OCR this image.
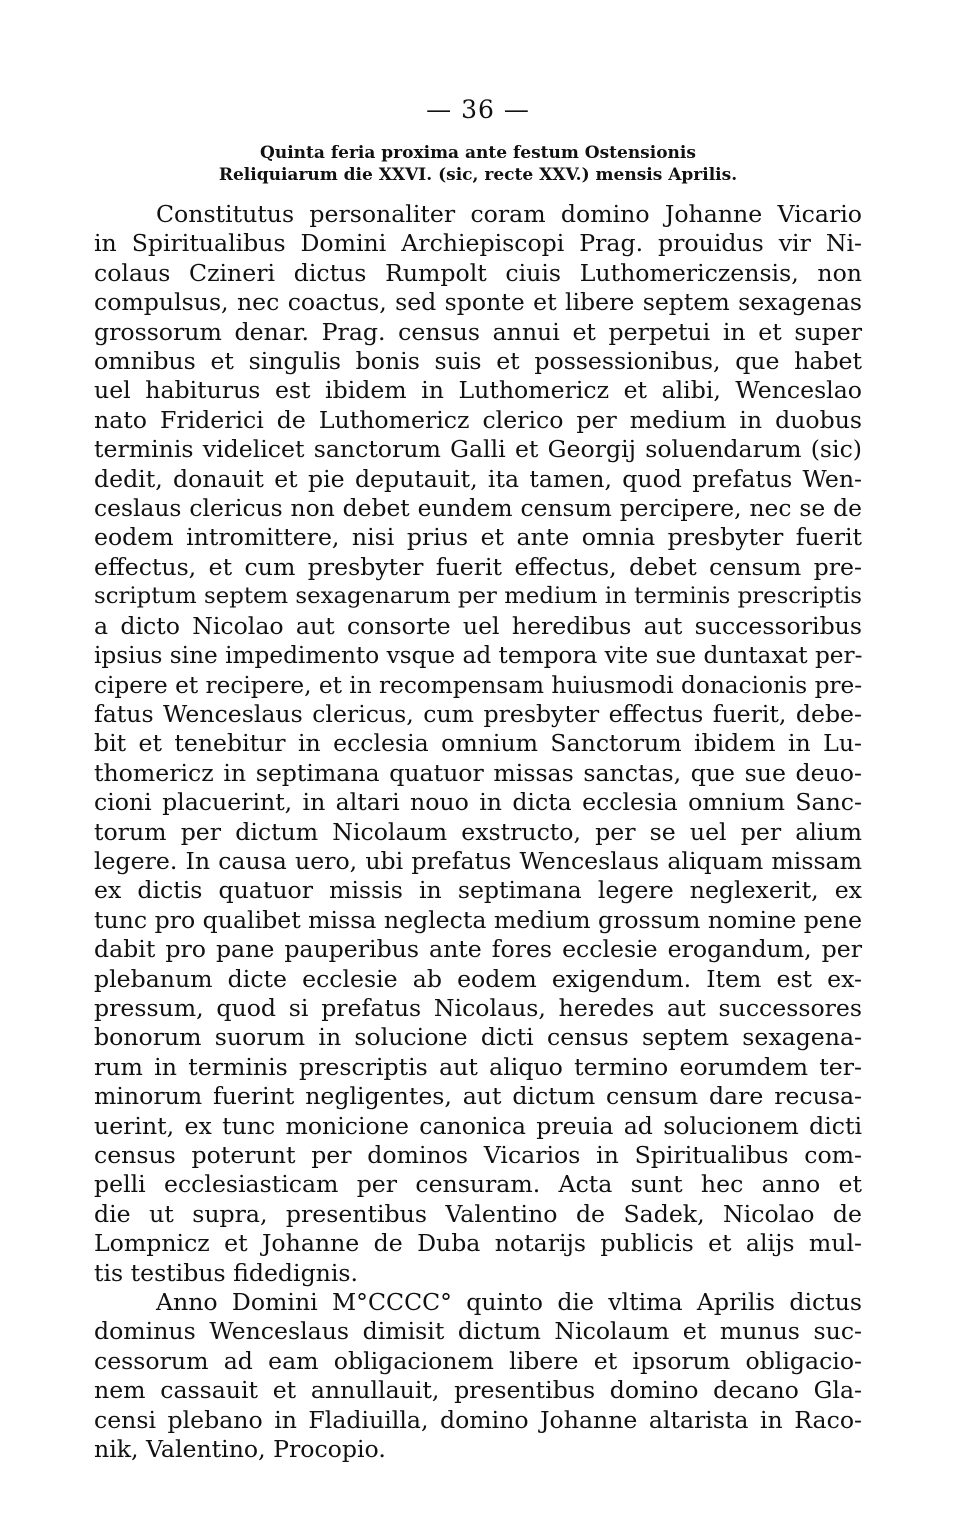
— 36 —
Quinta feria proxima ante festum Ostensionis
Reliquiarum die XXVI. (sic, recte XXV.) mensis Aprilis.
Constitutus personaliter coram domino Johanne Vicario
in Spiritualibus Domini Archiepiscopi Prag. prouidus vir Ni-
colaus Czineri dictus Rumpolt ciuis Luthomericzensis, non
compulsus, nec coactus, sed sponte et libere septem sexagenas
grossorum denar. Prag. census annui et perpetui in et super
omnibus et singulis bonis suis et possessionibus, que habet
uel habiturus est ibidem in Luthomericz et alibi, Wenceslao
nato Friderici de Luthomericz clerico per medium in duobus
terminis videlicet sanctorum Galli et Georgij soluendarum (sic)
dedit, donauit et pie deputauit, ita tamen, quod prefatus Wen-
ceslaus clericus non debet eundem censum percipere, nec se de
eodem intromittere, nisi prius et ante omnia presbyter fuerit
effectus, et cum presbyter fuerit effectus, debet censum pre-
scriptum septem sexagenarum per medium in terminis prescriptis
a dicto Nicolao aut consorte uel heredibus aut successoribus
ipsius sine impedimento vsque ad tempora vite sue duntaxat per-
cipere et recipere, et in recompensam huiusmodi donacionis pre-
fatus Wenceslaus clericus, cum presbyter effectus fuerit, debe-
bit et tenebitur in ecclesia omnium Sanctorum ibidem in Lu-
thomericz in septimana quatuor missas sanctas, que sue deuo-
cioni placuerint, in altari nouo in dicta ecclesia omnium Sanc-
torum per dictum Nicolaum exstructo, per se uel per alium
legere. In causa uero, ubi prefatus Wenceslaus aliquam missam
ex dictis quatuor missis in septimana legere neglexerit, ex
tunc pro qualibet missa neglecta medium grossum nomine pene
dabit pro pane pauperibus ante fores ecclesie erogandum, per
plebanum dicte ecclesie ab eodem exigendum. Item est ex-
pressum, quod si prefatus Nicolaus, heredes aut successores
bonorum suorum in solucione dicti census septem sexagena-
rum in terminis prescriptis aut aliquo termino eorumdem ter-
minorum fuerint negligentes, aut dictum censum dare recusa-
uerint, ex tunc monicione canonica preuia ad solucionem dicti
census poterunt per dominos Vicarios in Spiritualibus com-
pelli ecclesiasticam per censuram. Acta sunt hec anno et
die ut supra, presentibus Valentino de Sadek, Nicolao de
Lompnicz et Johanne de Duba notarijs publicis et alijs mul-
tis testibus fidedignis.
Anno Domini M°CCCC° quinto die vltima Aprilis dictus
dominus Wenceslaus dimisit dictum Nicolaum et munus suc-
cessorum ad eam obligacionem libere et ipsorum obligacio-
nem cassauit et annullauit, presentibus domino decano Gla-
censi plebano in Fladiuilla, domino Johanne altarista in Raco-
nik, Valentino, Procopio.
